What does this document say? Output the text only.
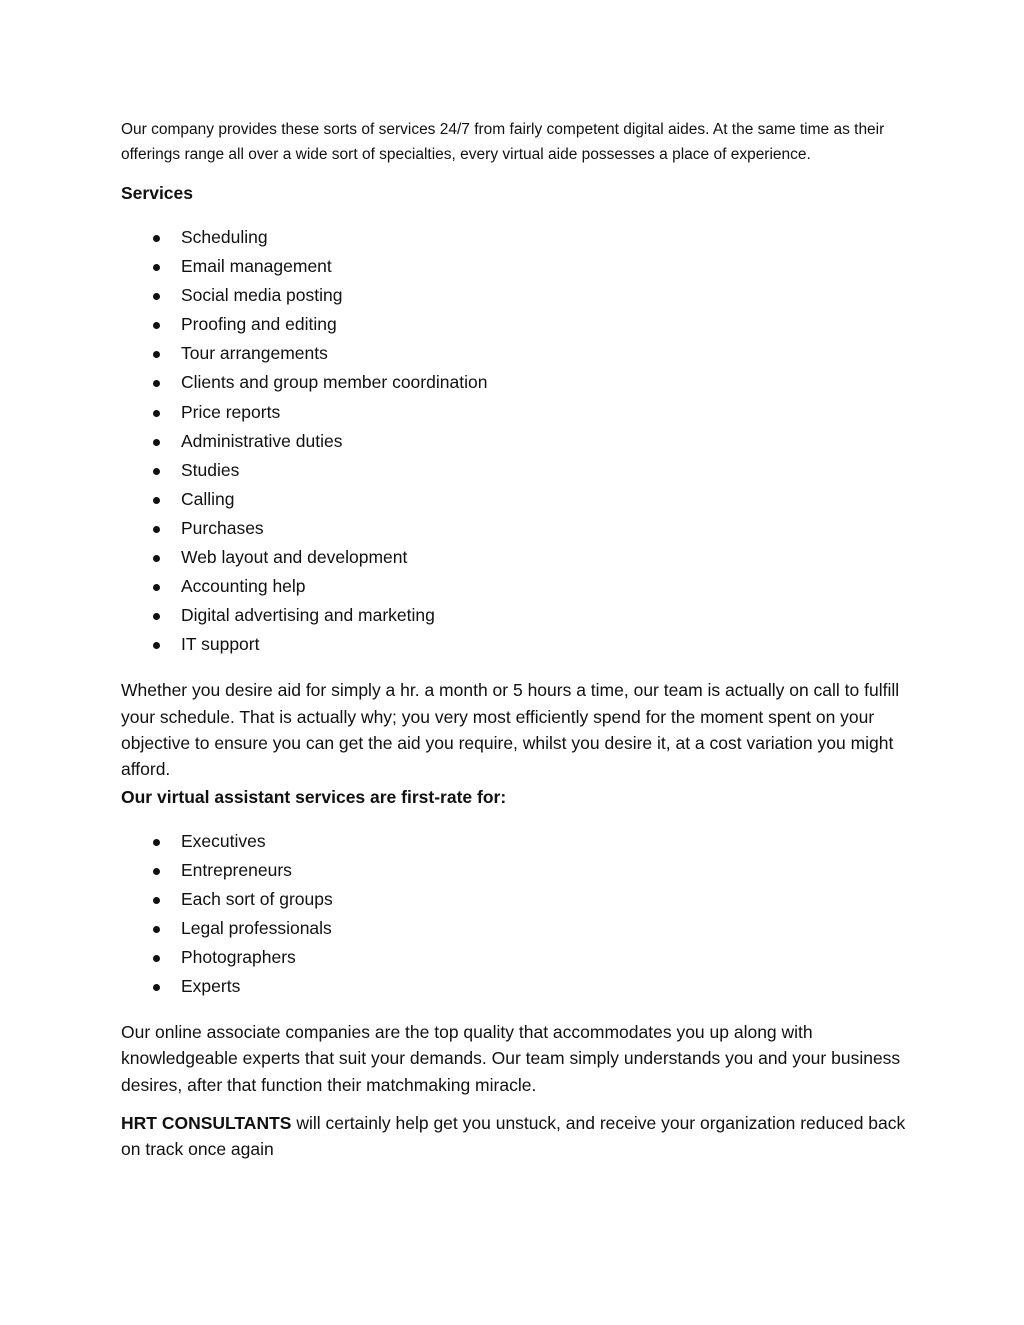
Our company provides these sorts of services 24/7 from fairly competent digital aides. At the same time as their offerings range all over a wide sort of specialties, every virtual aide possesses a place of experience.

Services
Scheduling
Email management
Social media posting
Proofing and editing
Tour arrangements
Clients and group member coordination
Price reports
Administrative duties
Studies
Calling
Purchases
Web layout and development
Accounting help
Digital advertising and marketing
IT support

Whether you desire aid for simply a hr. a month or 5 hours a time, our team is actually on call to fulfill your schedule. That is actually why; you very most efficiently spend for the moment spent on your objective to ensure you can get the aid you require, whilst you desire it, at a cost variation you might afford.

Our virtual assistant services are first-rate for:
Executives
Entrepreneurs
Each sort of groups
Legal professionals
Photographers
Experts

Our online associate companies are the top quality that accommodates you up along with knowledgeable experts that suit your demands. Our team simply understands you and your business desires, after that function their matchmaking miracle.

HRT CONSULTANTS will certainly help get you unstuck, and receive your organization reduced back on track once again
